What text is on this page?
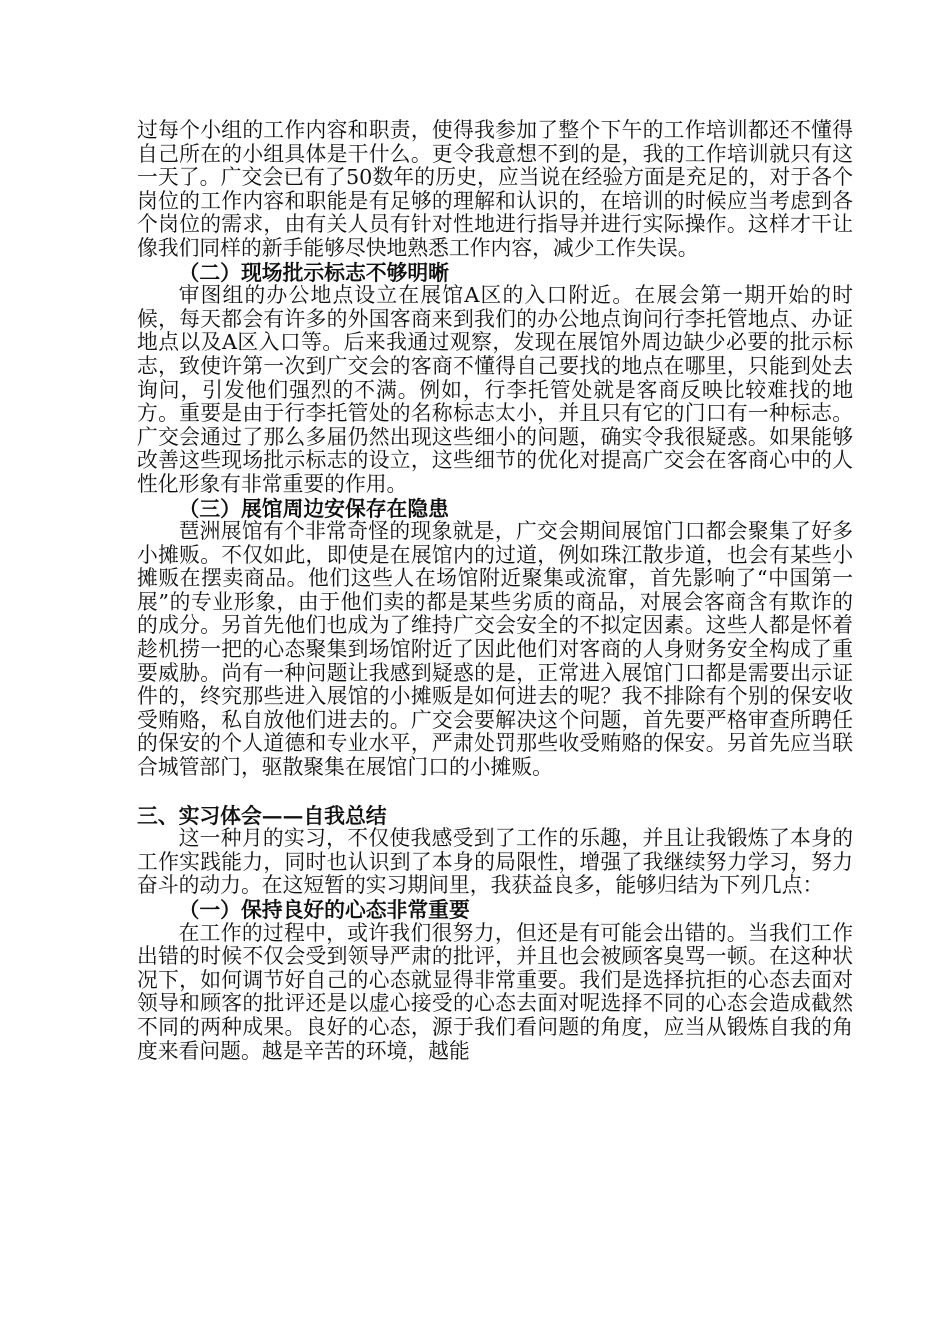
过每个小组的工作内容和职责，使得我参加了整个下午的工作培训都还不懂得自己所在的小组具体是干什么。更令我意想不到的是，我的工作培训就只有这一天了。广交会已有了50数年的历史，应当说在经验方面是充足的，对于各个岗位的工作内容和职能是有足够的理解和认识的，在培训的时候应当考虑到各个岗位的需求，由有关人员有针对性地进行指导并进行实际操作。这样才干让像我们同样的新手能够尽快地熟悉工作内容，减少工作失误。

（二）现场批示标志不够明晰

审图组的办公地点设立在展馆A区的入口附近。在展会第一期开始的时候，每天都会有许多的外国客商来到我们的办公地点询问行李托管地点、办证地点以及A区入口等。后来我通过观察，发现在展馆外周边缺少必要的批示标志，致使许第一次到广交会的客商不懂得自己要找的地点在哪里，只能到处去询问，引发他们强烈的不满。例如，行李托管处就是客商反映比较难找的地方。重要是由于行李托管处的名称标志太小，并且只有它的门口有一种标志。广交会通过了那么多届仍然出现这些细小的问题，确实令我很疑惑。如果能够改善这些现场批示标志的设立，这些细节的优化对提高广交会在客商心中的人性化形象有非常重要的作用。

（三）展馆周边安保存在隐患

琶洲展馆有个非常奇怪的现象就是，广交会期间展馆门口都会聚集了好多小摊贩。不仅如此，即使是在展馆内的过道，例如珠江散步道，也会有某些小摊贩在摆卖商品。他们这些人在场馆附近聚集或流窜，首先影响了“中国第一展”的专业形象，由于他们卖的都是某些劣质的商品，对展会客商含有欺诈的的成分。另首先他们也成为了维持广交会安全的不拟定因素。这些人都是怀着趁机捞一把的心态聚集到场馆附近了因此他们对客商的人身财务安全构成了重要威胁。尚有一种问题让我感到疑惑的是，正常进入展馆门口都是需要出示证件的，终究那些进入展馆的小摊贩是如何进去的呢？我不排除有个别的保安收受贿赂，私自放他们进去的。广交会要解决这个问题，首先要严格审查所聘任的保安的个人道德和专业水平，严肃处罚那些收受贿赂的保安。另首先应当联合城管部门，驱散聚集在展馆门口的小摊贩。

三、实习体会——自我总结

这一种月的实习，不仅使我感受到了工作的乐趣，并且让我锻炼了本身的工作实践能力，同时也认识到了本身的局限性，增强了我继续努力学习，努力奋斗的动力。在这短暂的实习期间里，我获益良多，能够归结为下列几点：

（一）保持良好的心态非常重要

在工作的过程中，或许我们很努力，但还是有可能会出错的。当我们工作出错的时候不仅会受到领导严肃的批评，并且也会被顾客臭骂一顿。在这种状况下，如何调节好自己的心态就显得非常重要。我们是选择抗拒的心态去面对领导和顾客的批评还是以虚心接受的心态去面对呢选择不同的心态会造成截然不同的两种成果。良好的心态，源于我们看问题的角度，应当从锻炼自我的角度来看问题。越是辛苦的环境，越能
